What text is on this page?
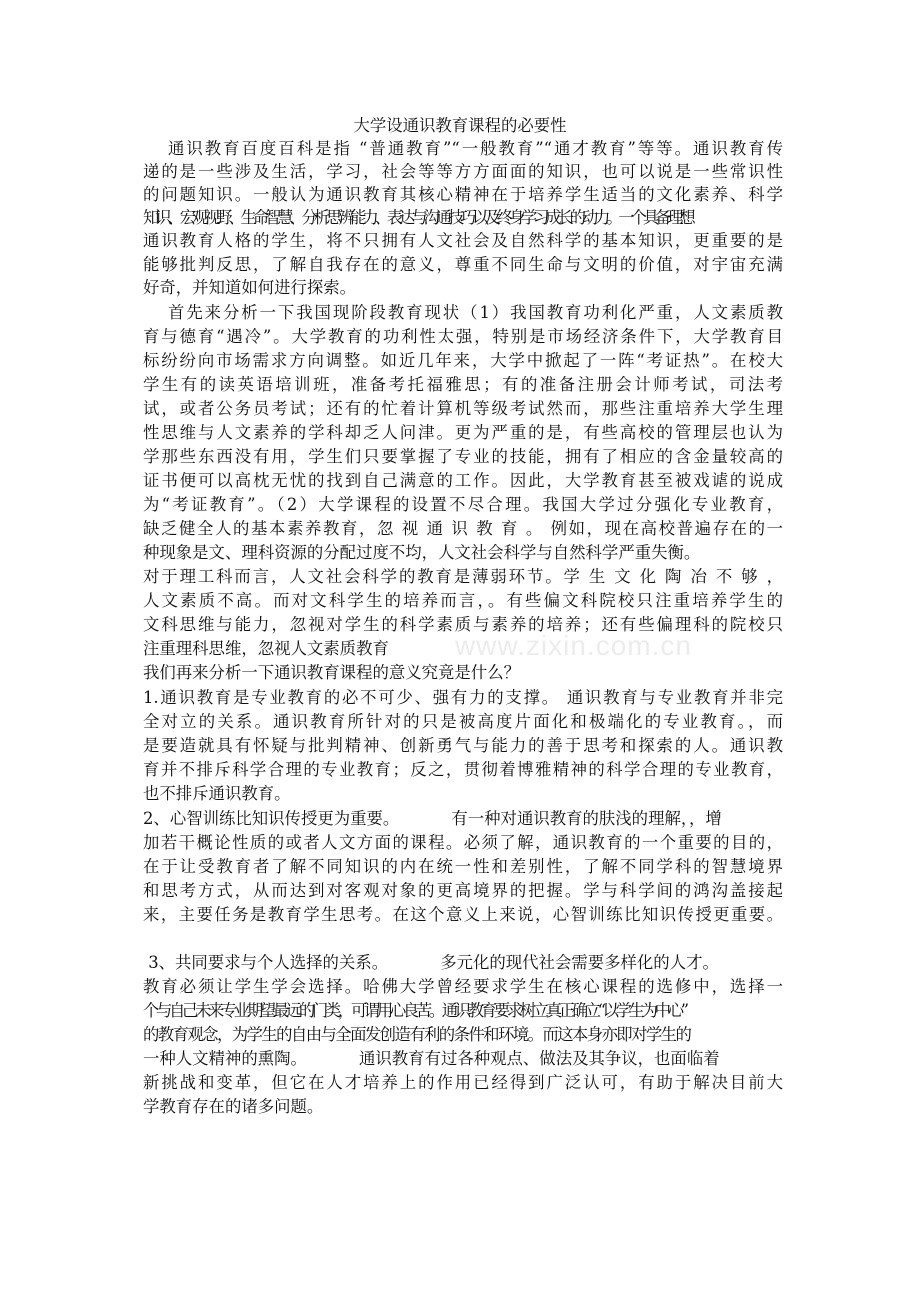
大学设通识教育课程的必要性
通识教育百度百科是指 “普通教育”“一般教育”“通才教育”等等。通识教育传
递的是一些涉及生活，学习，社会等等方方面面的知识，也可以说是一些常识性
的问题知识。一般认为通识教育其核心精神在于培养学生适当的文化素养、科学
知识、宏观视野、生命智慧、分析思辨能力、表达与沟通技巧以及终身学习成长的动力。一个具备理想
通识教育人格的学生，将不只拥有人文社会及自然科学的基本知识，更重要的是
能够批判反思，了解自我存在的意义，尊重不同生命与文明的价值，对宇宙充满
好奇，并知道如何进行探索。
首先来分析一下我国现阶段教育现状（1）我国教育功利化严重，人文素质教
育与德育“遇冷”。大学教育的功利性太强，特别是市场经济条件下，大学教育目
标纷纷向市场需求方向调整。如近几年来，大学中掀起了一阵“考证热”。在校大
学生有的读英语培训班，准备考托福雅思；有的准备注册会计师考试，司法考
试，或者公务员考试；还有的忙着计算机等级考试然而，那些注重培养大学生理
性思维与人文素养的学科却乏人问津。更为严重的是，有些高校的管理层也认为
学那些东西没有用，学生们只要掌握了专业的技能，拥有了相应的含金量较高的
证书便可以高枕无忧的找到自己满意的工作。因此，大学教育甚至被戏谑的说成
为“考证教育”。（2）大学课程的设置不尽合理。我国大学过分强化专业教育，
缺乏健全人的基本素养教育，忽 视 通 识 教 育 。 例如，现在高校普遍存在的一
种现象是文、理科资源的分配过度不均，人文社会科学与自然科学严重失衡。
对于理工科而言，人文社会科学的教育是薄弱环节。学 生 文 化 陶 冶 不 够 ，
人文素质不高。而对文科学生的培养而言，。有些偏文科院校只注重培养学生的
文科思维与能力，忽视对学生的科学素质与素养的培养；还有些偏理科的院校只
注重理科思维，忽视人文素质教育
我们再来分析一下通识教育课程的意义究竟是什么？
1.通识教育是专业教育的必不可少、强有力的支撑。 通识教育与专业教育并非完
全对立的关系。通识教育所针对的只是被高度片面化和极端化的专业教育。，而
是要造就具有怀疑与批判精神、创新勇气与能力的善于思考和探索的人。通识教
育并不排斥科学合理的专业教育；反之，贯彻着博雅精神的科学合理的专业教育，
也不排斥通识教育。
2、心智训练比知识传授更为重要。          有一种对通识教育的肤浅的理解，，增
加若干概论性质的或者人文方面的课程。必须了解，通识教育的一个重要的目的，
在于让受教育者了解不同知识的内在统一性和差别性，了解不同学科的智慧境界
和思考方式，从而达到对客观对象的更高境界的把握。学与科学间的鸿沟盖接起
来，主要任务是教育学生思考。在这个意义上来说，心智训练比知识传授更重要。
3、共同要求与个人选择的关系。          多元化的现代社会需要多样化的人才。
教育必须让学生学会选择。哈佛大学曾经要求学生在核心课程的选修中，选择一
个与自己未来专业期望最远的门类，可谓用心良苦。通识教育要求树立真正确立“以学生为中心”
的教育观念，为学生的自由与全面发创造有利的条件和环境。而这本身亦即对学生的
一种人文精神的熏陶。          通识教育有过各种观点、做法及其争议，也面临着
新挑战和变革，但它在人才培养上的作用已经得到广泛认可，有助于解决目前大
学教育存在的诸多问题。
www.zixin.com.cn
